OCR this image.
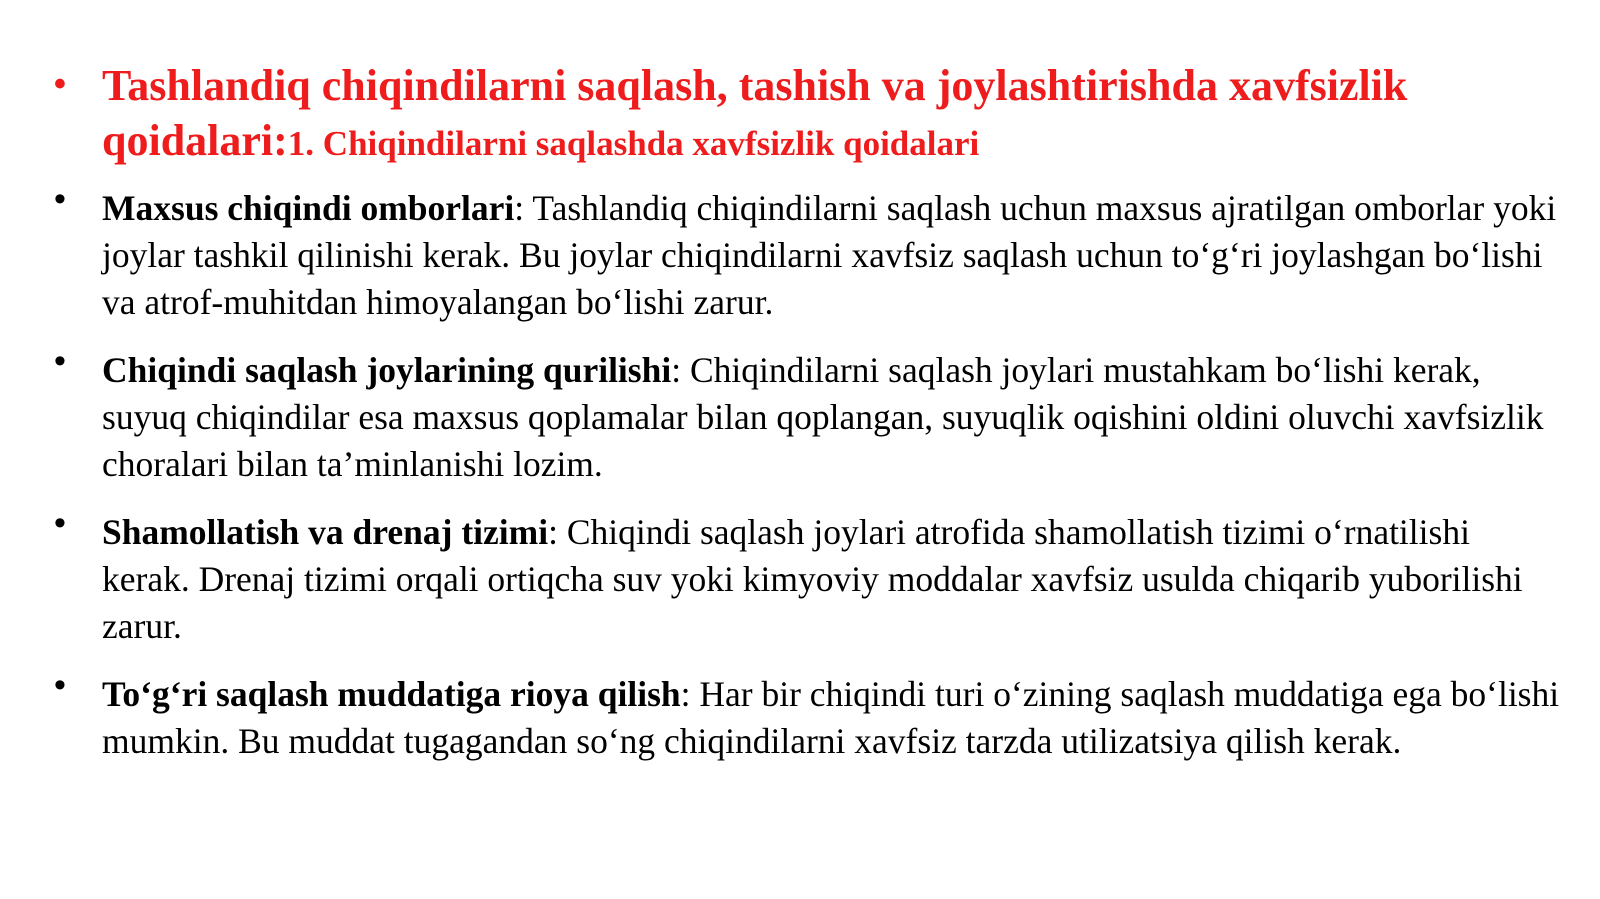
• Tashlandiq chiqindilarni saqlash, tashish va joylashtirishda xavfsizlik qoidalari:1. Chiqindilarni saqlashda xavfsizlik qoidalari
• Maxsus chiqindi omborlari: Tashlandiq chiqindilarni saqlash uchun maxsus ajratilgan omborlar yoki joylar tashkil qilinishi kerak. Bu joylar chiqindilarni xavfsiz saqlash uchun to‘g‘ri joylashgan bo‘lishi va atrof-muhitdan himoyalangan bo‘lishi zarur.
• Chiqindi saqlash joylarining qurilishi: Chiqindilarni saqlash joylari mustahkam bo‘lishi kerak, suyuq chiqindilar esa maxsus qoplamalar bilan qoplangan, suyuqlik oqishini oldini oluvchi xavfsizlik choralari bilan ta’minlanishi lozim.
• Shamollatish va drenaj tizimi: Chiqindi saqlash joylari atrofida shamollatish tizimi o‘rnatilishi kerak. Drenaj tizimi orqali ortiqcha suv yoki kimyoviy moddalar xavfsiz usulda chiqarib yuborilishi zarur.
• To‘g‘ri saqlash muddatiga rioya qilish: Har bir chiqindi turi o‘zining saqlash muddatiga ega bo‘lishi mumkin. Bu muddat tugagandan so‘ng chiqindilarni xavfsiz tarzda utilizatsiya qilish kerak.
